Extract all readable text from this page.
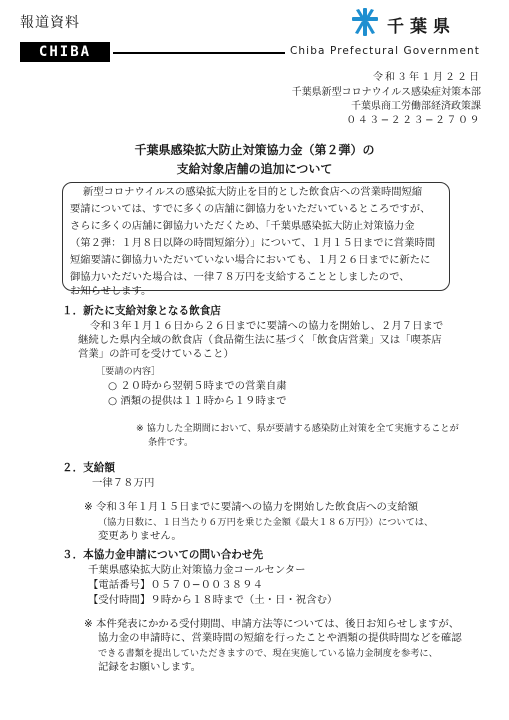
報道資料
CHIBA	Chiba Prefectural Government
千葉県
令和３年１月２２日
千葉県新型コロナウイルス感染症対策本部
千葉県商工労働部経済政策課
０４３−２２３−２７０９
千葉県感染拡大防止対策協力金（第２弾）の
支給対象店舗の追加について
新型コロナウイルスの感染拡大防止を目的とした飲食店への営業時間短縮
要請については、すでに多くの店舗に御協力をいただいているところですが、
さらに多くの店舗に御協力いただくため、「千葉県感染拡大防止対策協力金
（第２弾：１月８日以降の時間短縮分）」について、１月１５日までに営業時間
短縮要請に御協力いただいていない場合においても、１月２６日までに新たに
御協力いただいた場合は、一律７８万円を支給することとしましたので、
お知らせします。
１．新たに支給対象となる飲食店
令和３年１月１６日から２６日までに要請への協力を開始し、２月７日まで
継続した県内全域の飲食店（食品衛生法に基づく「飲食店営業」又は「喫茶店
営業」の許可を受けていること）
［要請の内容］
○ ２０時から翌朝５時までの営業自粛
○ 酒類の提供は１１時から１９時まで
※ 協力した全期間において、県が要請する感染防止対策を全て実施することが
条件です。
２．支給額
一律７８万円
※ 令和３年１月１５日までに要請への協力を開始した飲食店への支給額
（協力日数に、１日当たり６万円を乗じた金額《最大１８６万円》）については、
変更ありません。
３．本協力金申請についての問い合わせ先
千葉県感染拡大防止対策協力金コールセンター
【電話番号】０５７０−００３８９４
【受付時間】９時から１８時まで（土・日・祝含む）
※ 本件発表にかかる受付期間、申請方法等については、後日お知らせしますが、
協力金の申請時に、営業時間の短縮を行ったことや酒類の提供時間などを確認
できる書類を提出していただきますので、現在実施している協力金制度を参考に、
記録をお願いします。
